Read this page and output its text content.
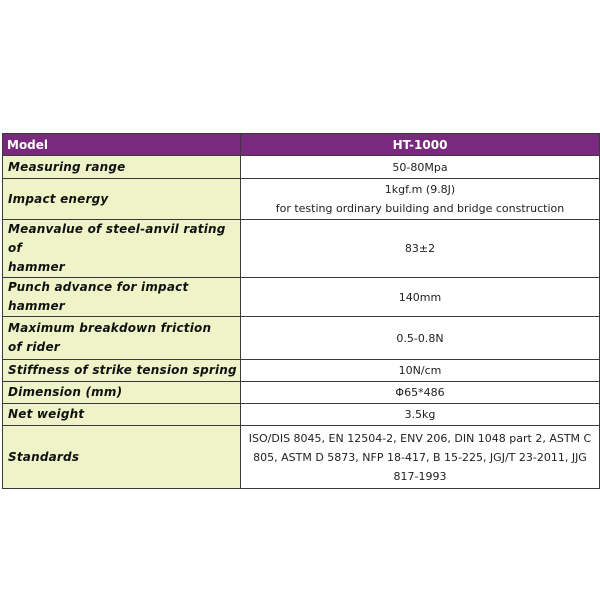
Model	HT-1000
Measuring range	50-80Mpa

Impact energy	1kgf.m (9.8J)
for testing ordinary building and bridge construction

Meanvalue of steel-anvil rating of
hammer	83±2

Punch advance for impact hammer	140mm

Maximum breakdown friction
of rider	0.5-0.8N

Stiffness of strike tension spring	10N/cm

Dimension (mm)	Φ65*486

Net weight	3.5kg

Standards	ISO/DIS 8045, EN 12504-2, ENV 206, DIN 1048 part 2, ASTM C
805, ASTM D 5873, NFP 18-417, B 15-225, JGJ/T 23-2011, JJG
817-1993
